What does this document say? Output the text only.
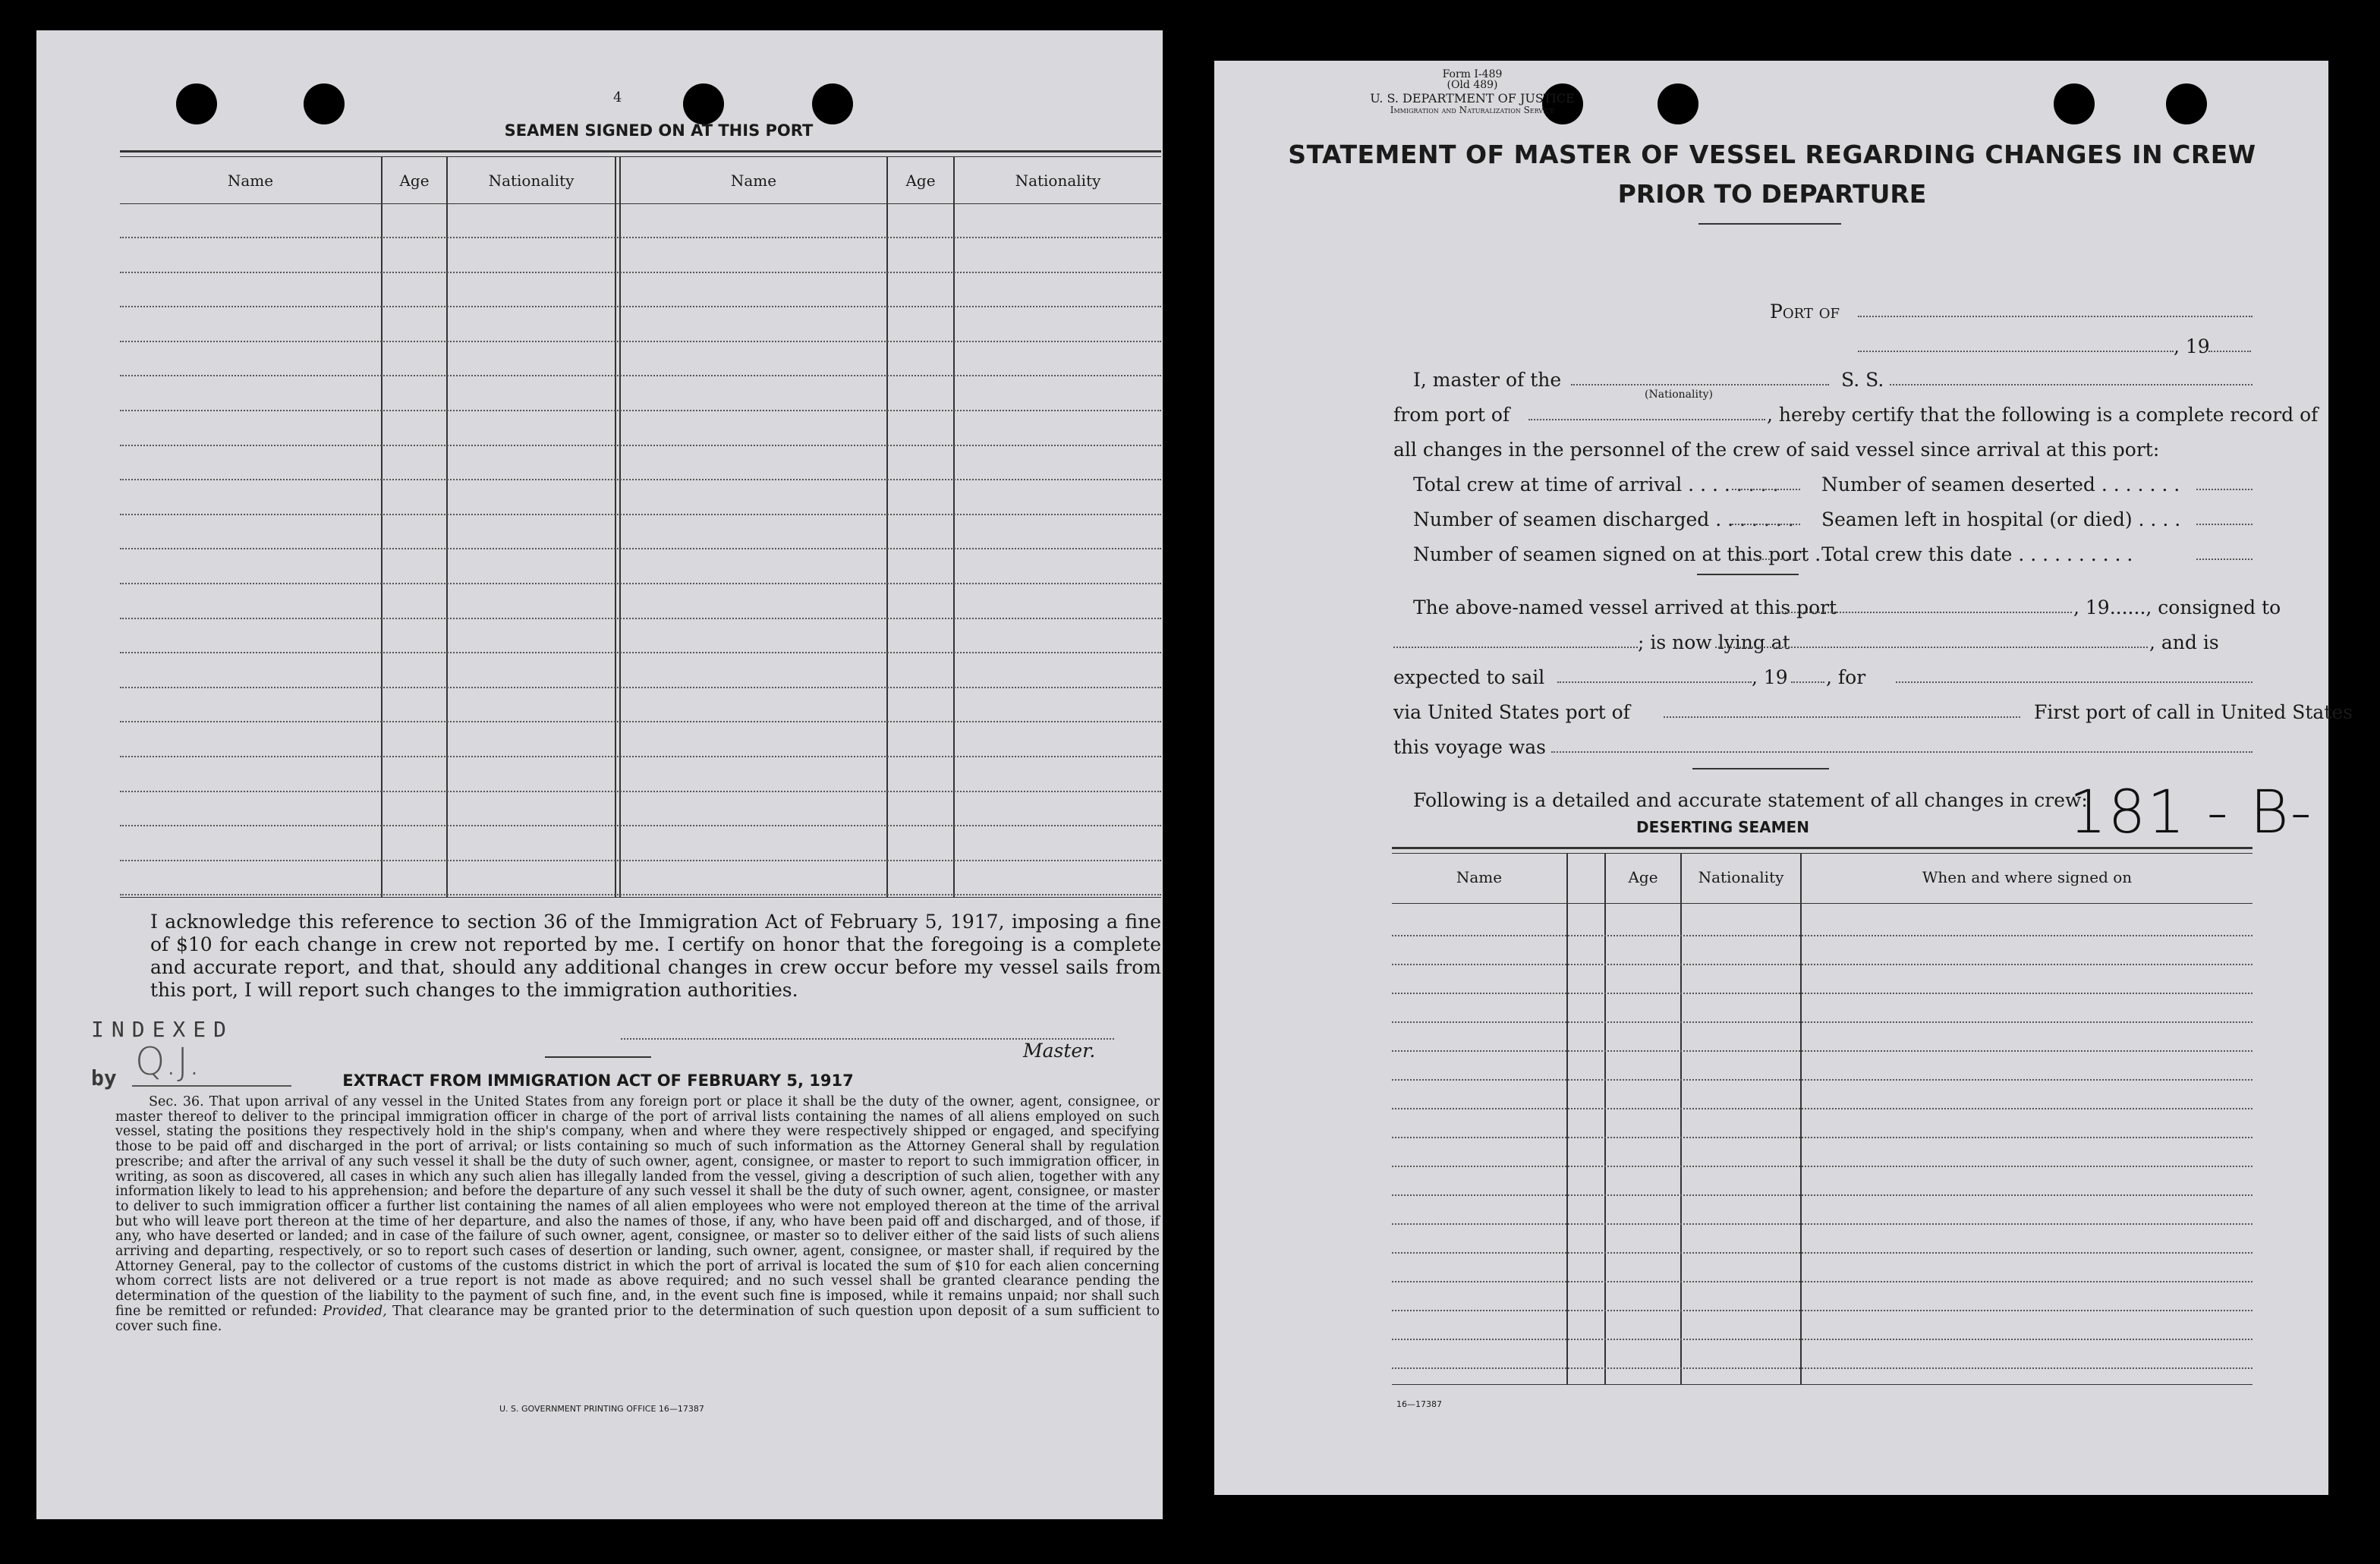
4
SEAMEN SIGNED ON AT THIS PORT
Name	Age	Nationality	Name	Age	Nationality
I acknowledge this reference to section 36 of the Immigration Act of February 5, 1917, imposing a fine of $10 for each change in crew not reported by me. I certify on honor that the foregoing is a complete and accurate report, and that, should any additional changes in crew occur before my vessel sails from this port, I will report such changes to the immigration authorities.
INDEXED
by Q.J.	Master.
EXTRACT FROM IMMIGRATION ACT OF FEBRUARY 5, 1917
Sec. 36. That upon arrival of any vessel in the United States from any foreign port or place it shall be the duty of the owner, agent, consignee, or master thereof to deliver to the principal immigration officer in charge of the port of arrival lists containing the names of all aliens employed on such vessel, stating the positions they respectively hold in the ship's company, when and where they were respectively shipped or engaged, and specifying those to be paid off and discharged in the port of arrival; or lists containing so much of such information as the Attorney General shall by regulation prescribe; and after the arrival of any such vessel it shall be the duty of such owner, agent, consignee, or master to report to such immigration officer, in writing, as soon as discovered, all cases in which any such alien has illegally landed from the vessel, giving a description of such alien, together with any information likely to lead to his apprehension; and before the departure of any such vessel it shall be the duty of such owner, agent, consignee, or master to deliver to such immigration officer a further list containing the names of all alien employees who were not employed thereon at the time of the arrival but who will leave port thereon at the time of her departure, and also the names of those, if any, who have been paid off and discharged, and of those, if any, who have deserted or landed; and in case of the failure of such owner, agent, consignee, or master so to deliver either of the said lists of such aliens arriving and departing, respectively, or so to report such cases of desertion or landing, such owner, agent, consignee, or master shall, if required by the Attorney General, pay to the collector of customs of the customs district in which the port of arrival is located the sum of $10 for each alien concerning whom correct lists are not delivered or a true report is not made as above required; and no such vessel shall be granted clearance pending the determination of the question of the liability to the payment of such fine, and, in the event such fine is imposed, while it remains unpaid; nor shall such fine be remitted or refunded: Provided, That clearance may be granted prior to the determination of such question upon deposit of a sum sufficient to cover such fine.
U. S. GOVERNMENT PRINTING OFFICE 16—17387
Form I-489
(Old 489)
U. S. DEPARTMENT OF JUSTICE
Immigration and Naturalization Service
STATEMENT OF MASTER OF VESSEL REGARDING CHANGES IN CREW
PRIOR TO DEPARTURE
Port of
, 19
I, master of the	S. S.
(Nationality)
from port of	, hereby certify that the following is a complete record of
all changes in the personnel of the crew of said vessel since arrival at this port:
Total crew at time of arrival . . . . . . . . Number of seamen deserted . . . . . . .
Number of seamen discharged . . . . . . . Seamen left in hospital (or died) . . . .
Number of seamen signed on at this port . .
Total crew this date . . . . . . . . . .
The above-named vessel arrived at this port	, 19......, consigned to
; is now lying at	, and is
expected to sail	, 19 , for
via United States port of	First port of call in United States
this voyage was
Following is a detailed and accurate statement of all changes in crew:
181 - B-
DESERTING SEAMEN
Name	Age	Nationality	When and where signed on
16—17387
